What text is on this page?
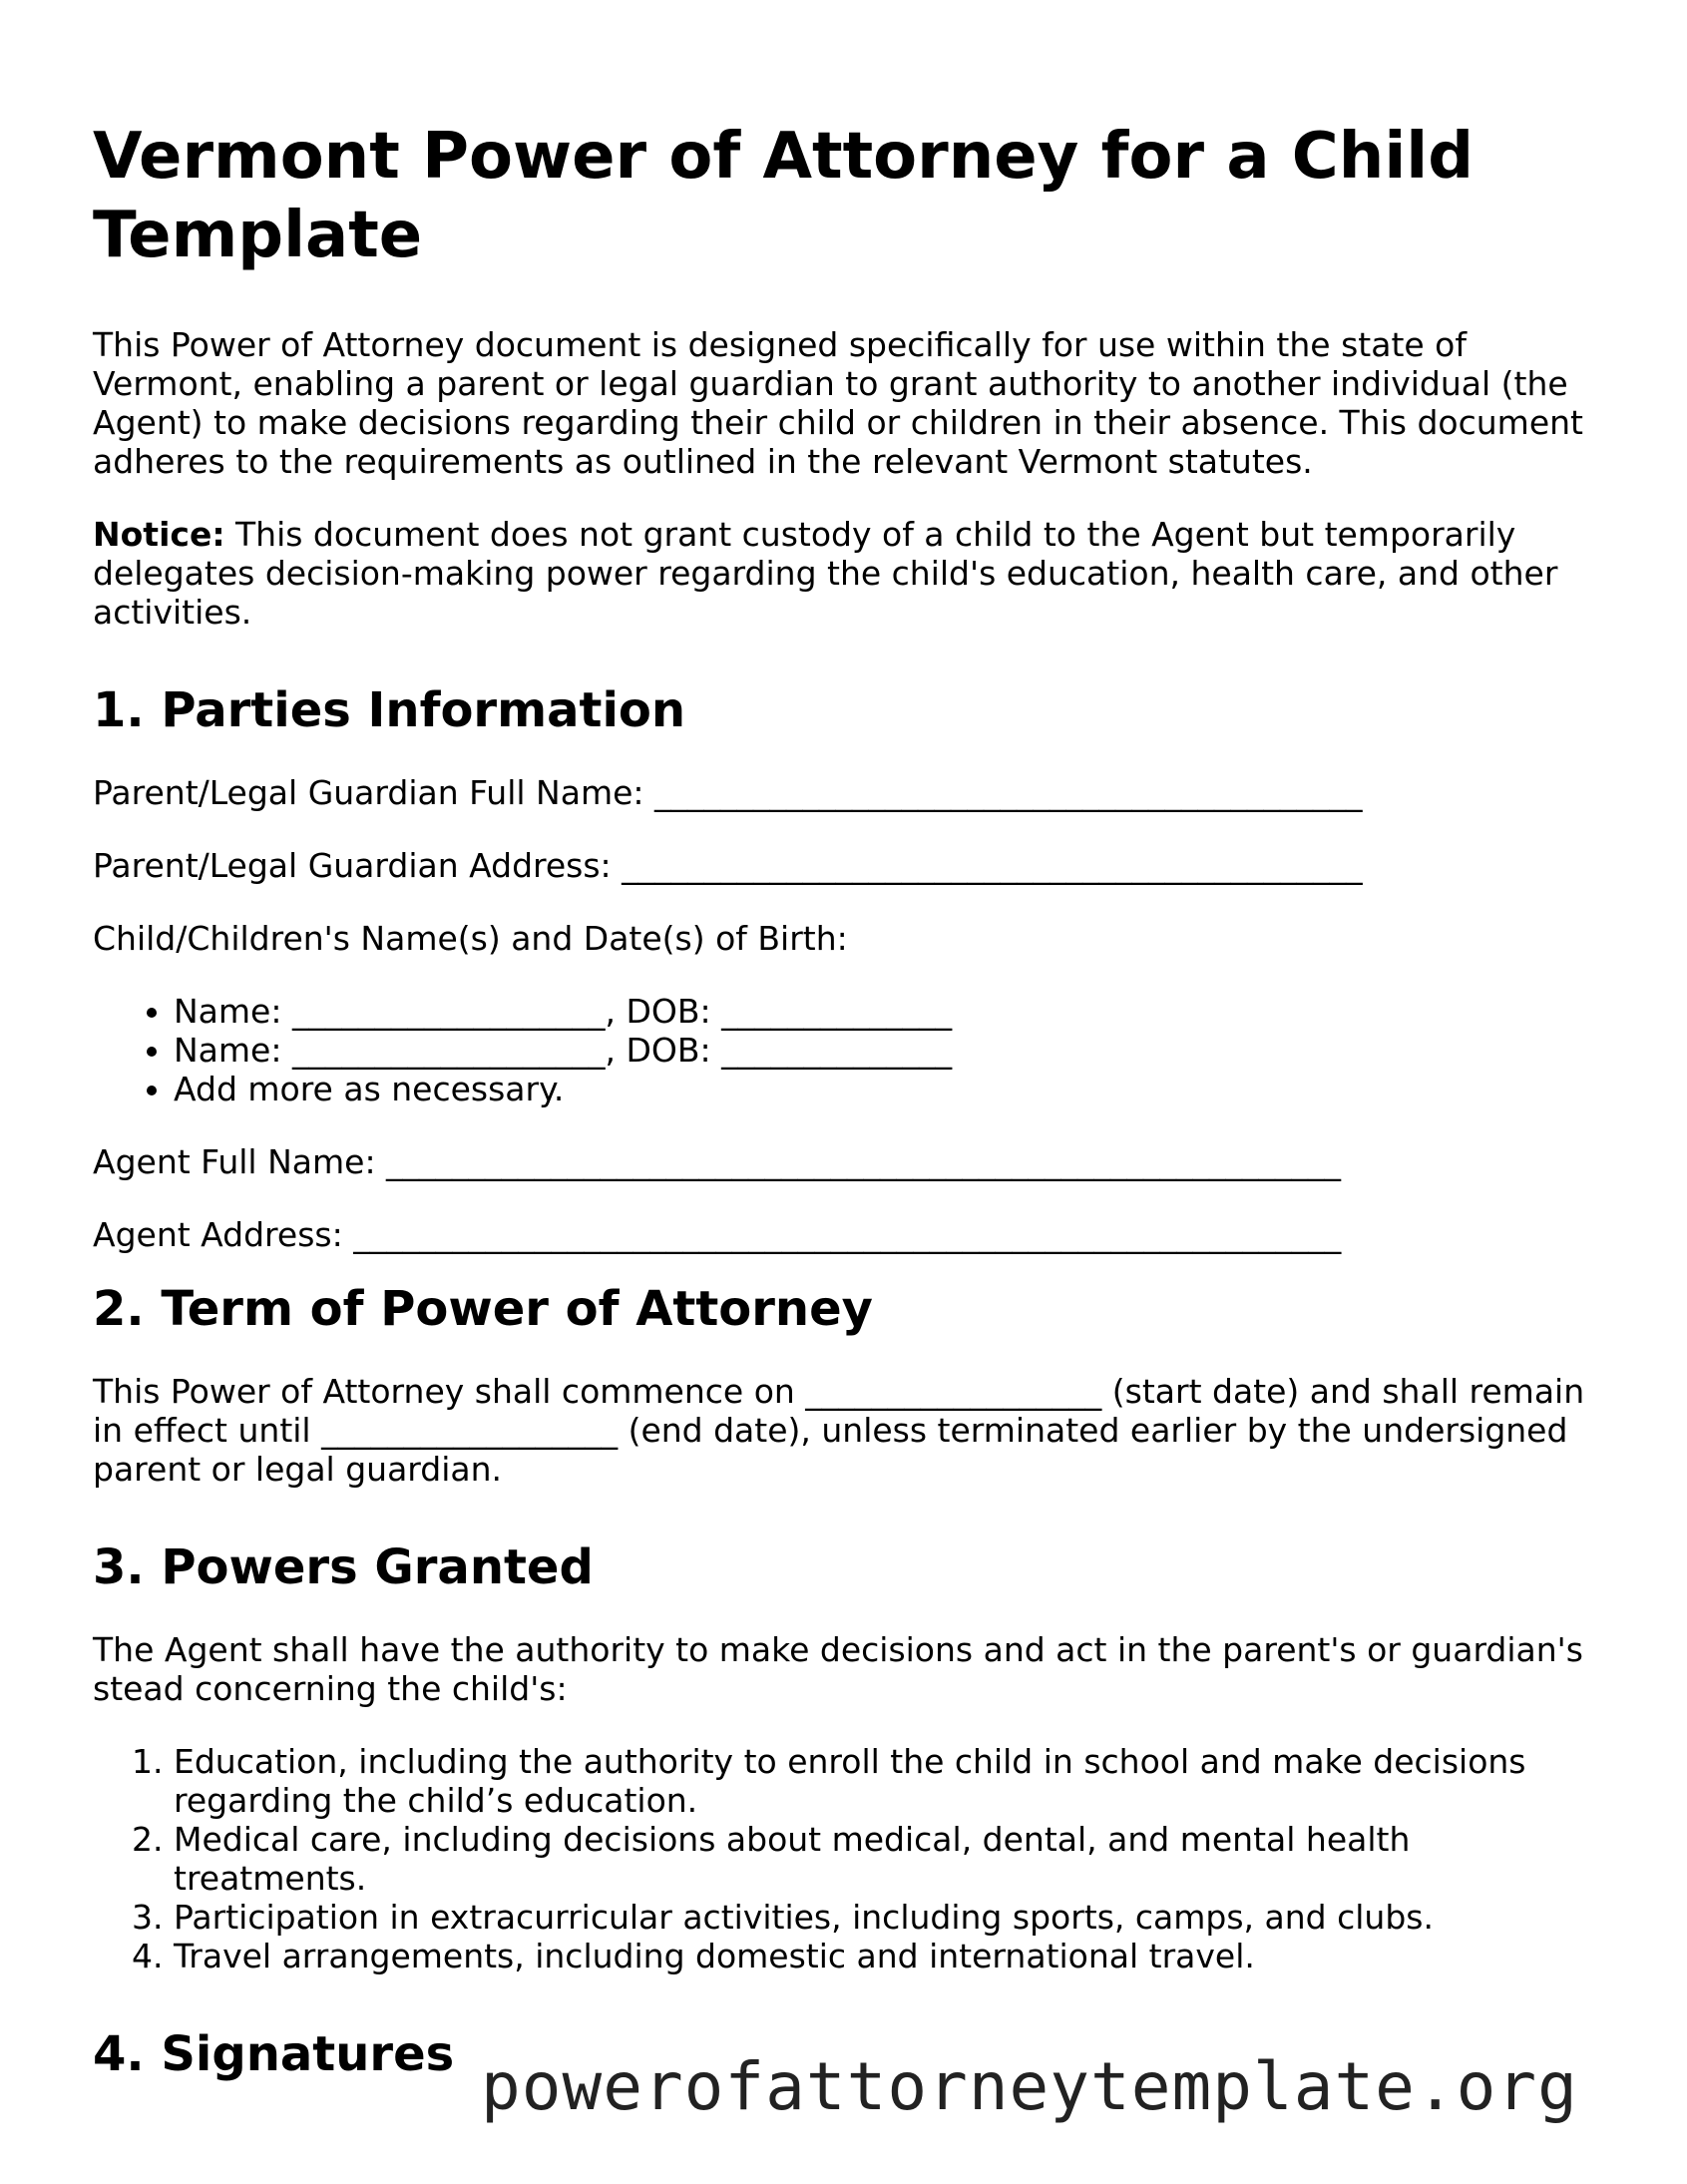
Vermont Power of Attorney for a Child Template

This Power of Attorney document is designed specifically for use within the state of Vermont, enabling a parent or legal guardian to grant authority to another individual (the Agent) to make decisions regarding their child or children in their absence. This document adheres to the requirements as outlined in the relevant Vermont statutes.

Notice: This document does not grant custody of a child to the Agent but temporarily delegates decision-making power regarding the child's education, health care, and other activities.

1. Parties Information
Parent/Legal Guardian Full Name: ___________________________________________
Parent/Legal Guardian Address: _____________________________________________
Child/Children's Name(s) and Date(s) of Birth:
• Name: ___________________, DOB: ______________
• Name: ___________________, DOB: ______________
• Add more as necessary.
Agent Full Name: __________________________________________________________
Agent Address: ____________________________________________________________
2. Term of Power of Attorney

This Power of Attorney shall commence on __________________ (start date) and shall remain in effect until __________________ (end date), unless terminated earlier by the undersigned parent or legal guardian.

3. Powers Granted

The Agent shall have the authority to make decisions and act in the parent's or guardian's stead concerning the child's:

1. Education, including the authority to enroll the child in school and make decisions regarding the child’s education.
2. Medical care, including decisions about medical, dental, and mental health treatments.
3. Participation in extracurricular activities, including sports, camps, and clubs.
4. Travel arrangements, including domestic and international travel.
4. Signatures powerofattorneytemplate.org
